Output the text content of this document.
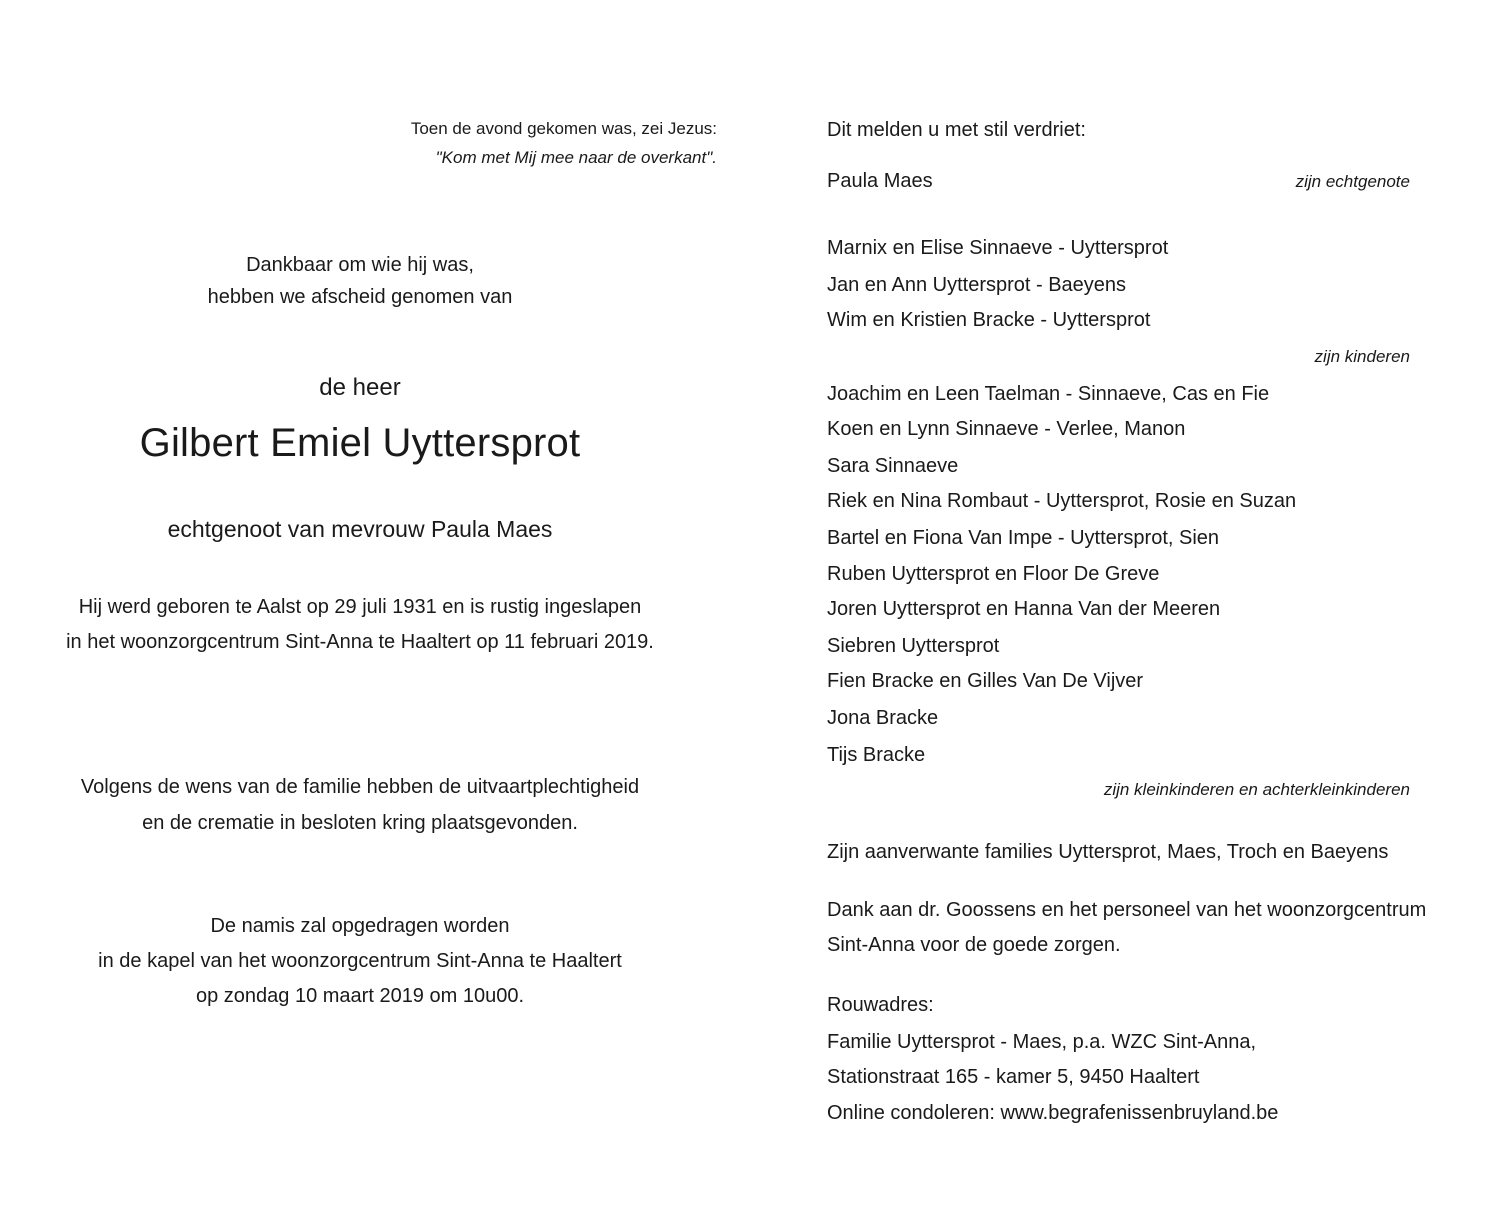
Toen de avond gekomen was, zei Jezus:
"Kom met Mij mee naar de overkant".
Dankbaar om wie hij was,
hebben we afscheid genomen van
de heer
Gilbert Emiel Uyttersprot
echtgenoot van mevrouw Paula Maes
Hij werd geboren te Aalst op 29 juli 1931 en is rustig ingeslapen
in het woonzorgcentrum Sint-Anna te Haaltert op 11 februari 2019.
Volgens de wens van de familie hebben de uitvaartplechtigheid
en de crematie in besloten kring plaatsgevonden.
De namis zal opgedragen worden
in de kapel van het woonzorgcentrum Sint-Anna te Haaltert
op zondag 10 maart 2019 om 10u00.
Dit melden u met stil verdriet:
Paula Maes	zijn echtgenote
Marnix en Elise Sinnaeve - Uyttersprot
Jan en Ann Uyttersprot - Baeyens
Wim en Kristien Bracke - Uyttersprot
zijn kinderen
Joachim en Leen Taelman - Sinnaeve, Cas en Fie
Koen en Lynn Sinnaeve - Verlee, Manon
Sara Sinnaeve
Riek en Nina Rombaut - Uyttersprot, Rosie en Suzan
Bartel en Fiona Van Impe - Uyttersprot, Sien
Ruben Uyttersprot en Floor De Greve
Joren Uyttersprot en Hanna Van der Meeren
Siebren Uyttersprot
Fien Bracke en Gilles Van De Vijver
Jona Bracke
Tijs Bracke
zijn kleinkinderen en achterkleinkinderen
Zijn aanverwante families Uyttersprot, Maes, Troch en Baeyens
Dank aan dr. Goossens en het personeel van het woonzorgcentrum
Sint-Anna voor de goede zorgen.
Rouwadres:
Familie Uyttersprot - Maes, p.a. WZC Sint-Anna,
Stationstraat 165 - kamer 5, 9450 Haaltert
Online condoleren: www.begrafenissenbruyland.be
